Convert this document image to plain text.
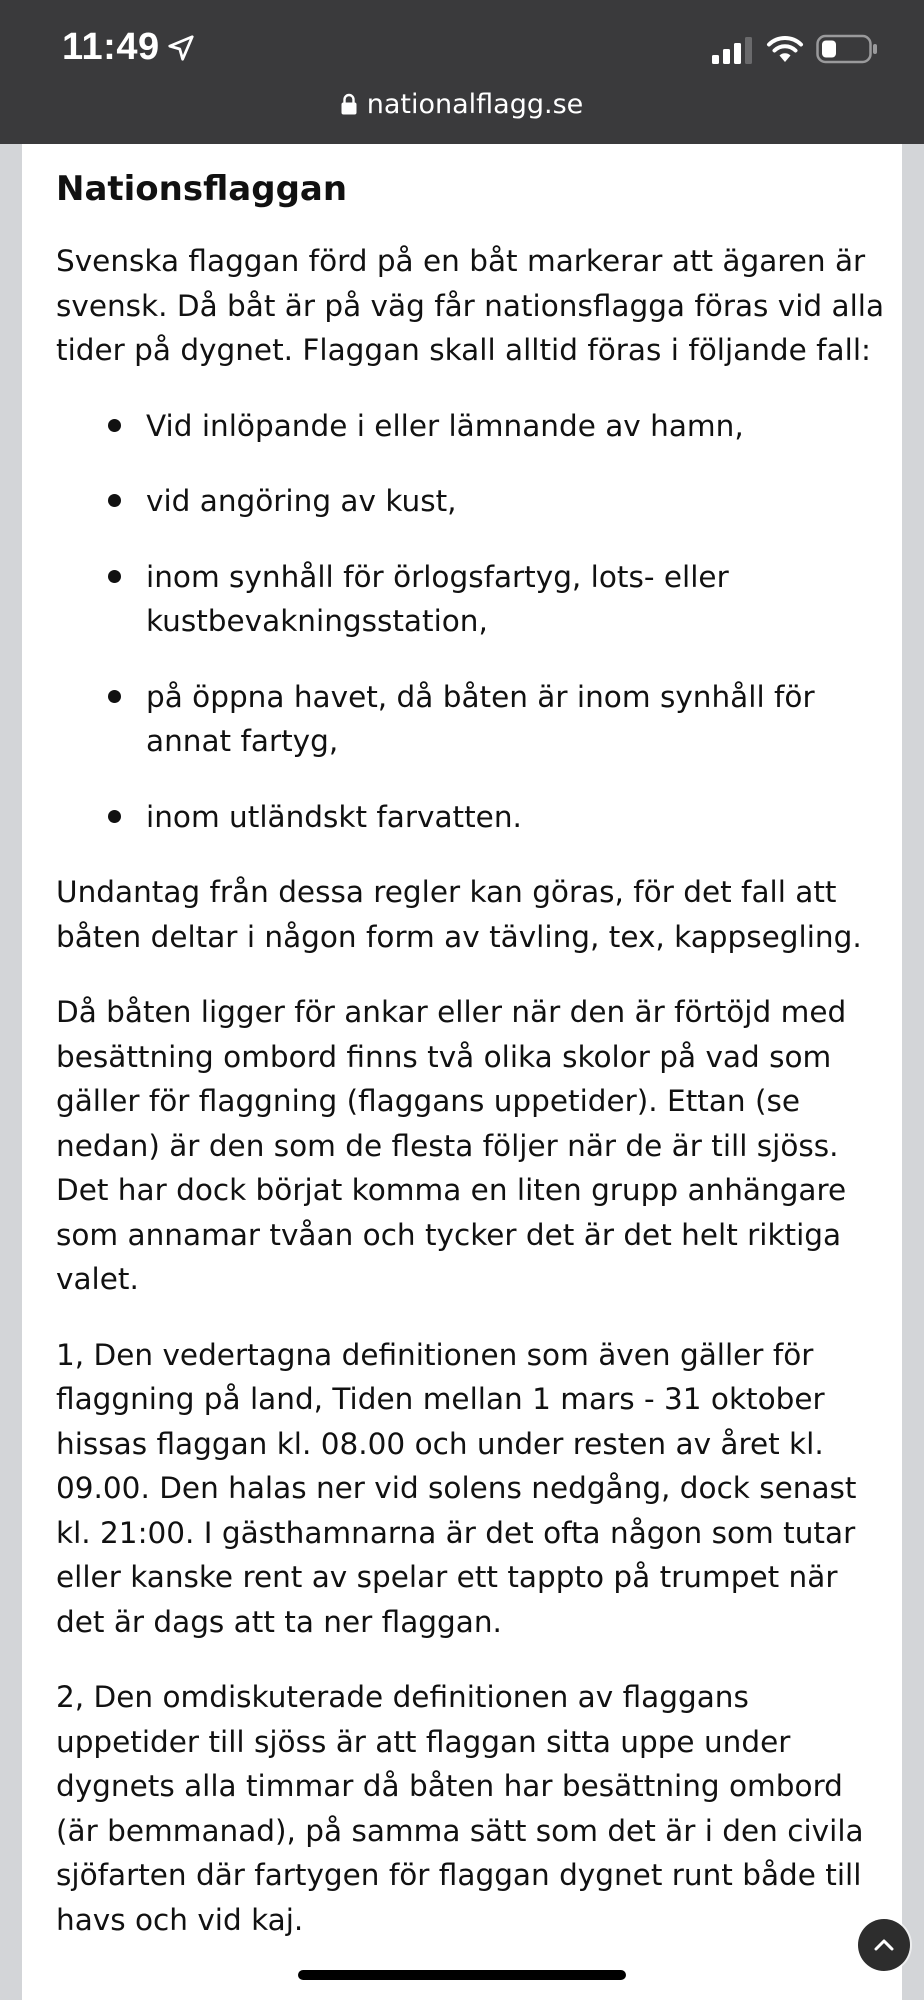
11:49
nationalflagg.se
Nationsflaggan

Svenska flaggan förd på en båt markerar att ägaren är svensk. Då båt är på väg får nationsflagga föras vid alla tider på dygnet. Flaggan skall alltid föras i följande fall:

Vid inlöpande i eller lämnande av hamn,
vid angöring av kust,
inom synhåll för örlogsfartyg, lots- eller kustbevakningsstation,
på öppna havet, då båten är inom synhåll för annat fartyg,
inom utländskt farvatten.

Undantag från dessa regler kan göras, för det fall att båten deltar i någon form av tävling, tex, kappsegling.

Då båten ligger för ankar eller när den är förtöjd med besättning ombord finns två olika skolor på vad som gäller för flaggning (flaggans uppetider). Ettan (se nedan) är den som de flesta följer när de är till sjöss. Det har dock börjat komma en liten grupp anhängare som annamar tvåan och tycker det är det helt riktiga valet.

1, Den vedertagna definitionen som även gäller för flaggning på land, Tiden mellan 1 mars - 31 oktober hissas flaggan kl. 08.00 och under resten av året kl. 09.00. Den halas ner vid solens nedgång, dock senast kl. 21:00. I gästhamnarna är det ofta någon som tutar eller kanske rent av spelar ett tappto på trumpet när det är dags att ta ner flaggan.

2, Den omdiskuterade definitionen av flaggans uppetider till sjöss är att flaggan sitta uppe under dygnets alla timmar då båten har besättning ombord (är bemmanad), på samma sätt som det är i den civila sjöfarten där fartygen för flaggan dygnet runt både till havs och vid kaj.
